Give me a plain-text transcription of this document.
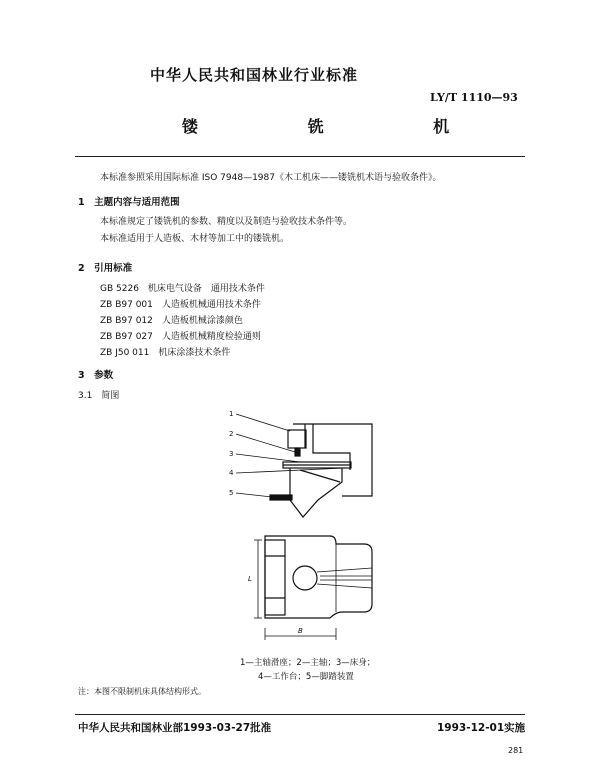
中华人民共和国林业行业标准
LY/T 1110—93
镂 铣 机
本标准参照采用国际标准 ISO 7948—1987《木工机床——镂铣机术语与验收条件》。
1　主题内容与适用范围
本标准规定了镂铣机的参数、精度以及制造与验收技术条件等。
本标准适用于人造板、木材等加工中的镂铣机。
2　引用标准
GB 5226　机床电气设备　通用技术条件
ZB B97 001　人造板机械通用技术条件
ZB B97 012　人造板机械涂漆颜色
ZB B97 027　人造板机械精度检验通则
ZB J50 011　机床涂漆技术条件
3　参数
3.1　简图
1
2
3
4
5
L
B
1—主轴滑座；2—主轴；3—床身；
4—工作台；5—脚踏装置
注：本图不限制机床具体结构形式。
中华人民共和国林业部1993-03-27批准	1993-12-01实施
281
